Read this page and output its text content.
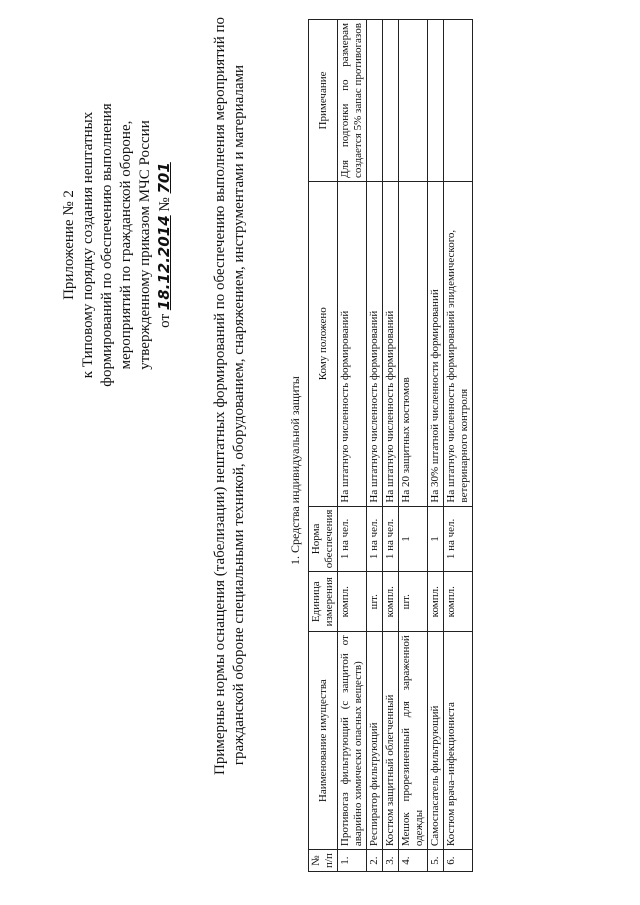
Приложение № 2 к Типовому порядку создания нештатных формирований по обеспечению выполнения мероприятий по гражданской обороне, утвержденному приказом МЧС России от 18.12.2014 № 701	Примерные нормы оснащения (табелизации) нештатных формирований по обеспечению выполнения мероприятий по гражданской обороне специальными техникой, оборудованием, снаряжением, инструментами и материалами	1. Средства индивидуальной защиты
№ п/п	Наименование имущества	Единица измерения	Норма обеспечения	Кому положено	Примечание
1.	Противогаз фильтрующий (с защитой от аварийно химически опасных веществ)	компл.	1 на чел.	На штатную численность формирований	Для подгонки по размерам создается 5% запас противогазов
2.	Респиратор фильтрующий	шт.	1 на чел.	На штатную численность формирований	
3.	Костюм защитный облегченный	компл.	1 на чел.	На штатную численность формирований	
4.	Мешок прорезиненный для зараженной одежды	шт.	1	На 20 защитных костюмов	
5.	Самоспасатель фильтрующий	компл.	1	На 30% штатной численности формирований	
6.	Костюм врача–инфекциониста	компл.	1 на чел.	На штатную численность формирований эпидемического, ветеринарного контроля	
